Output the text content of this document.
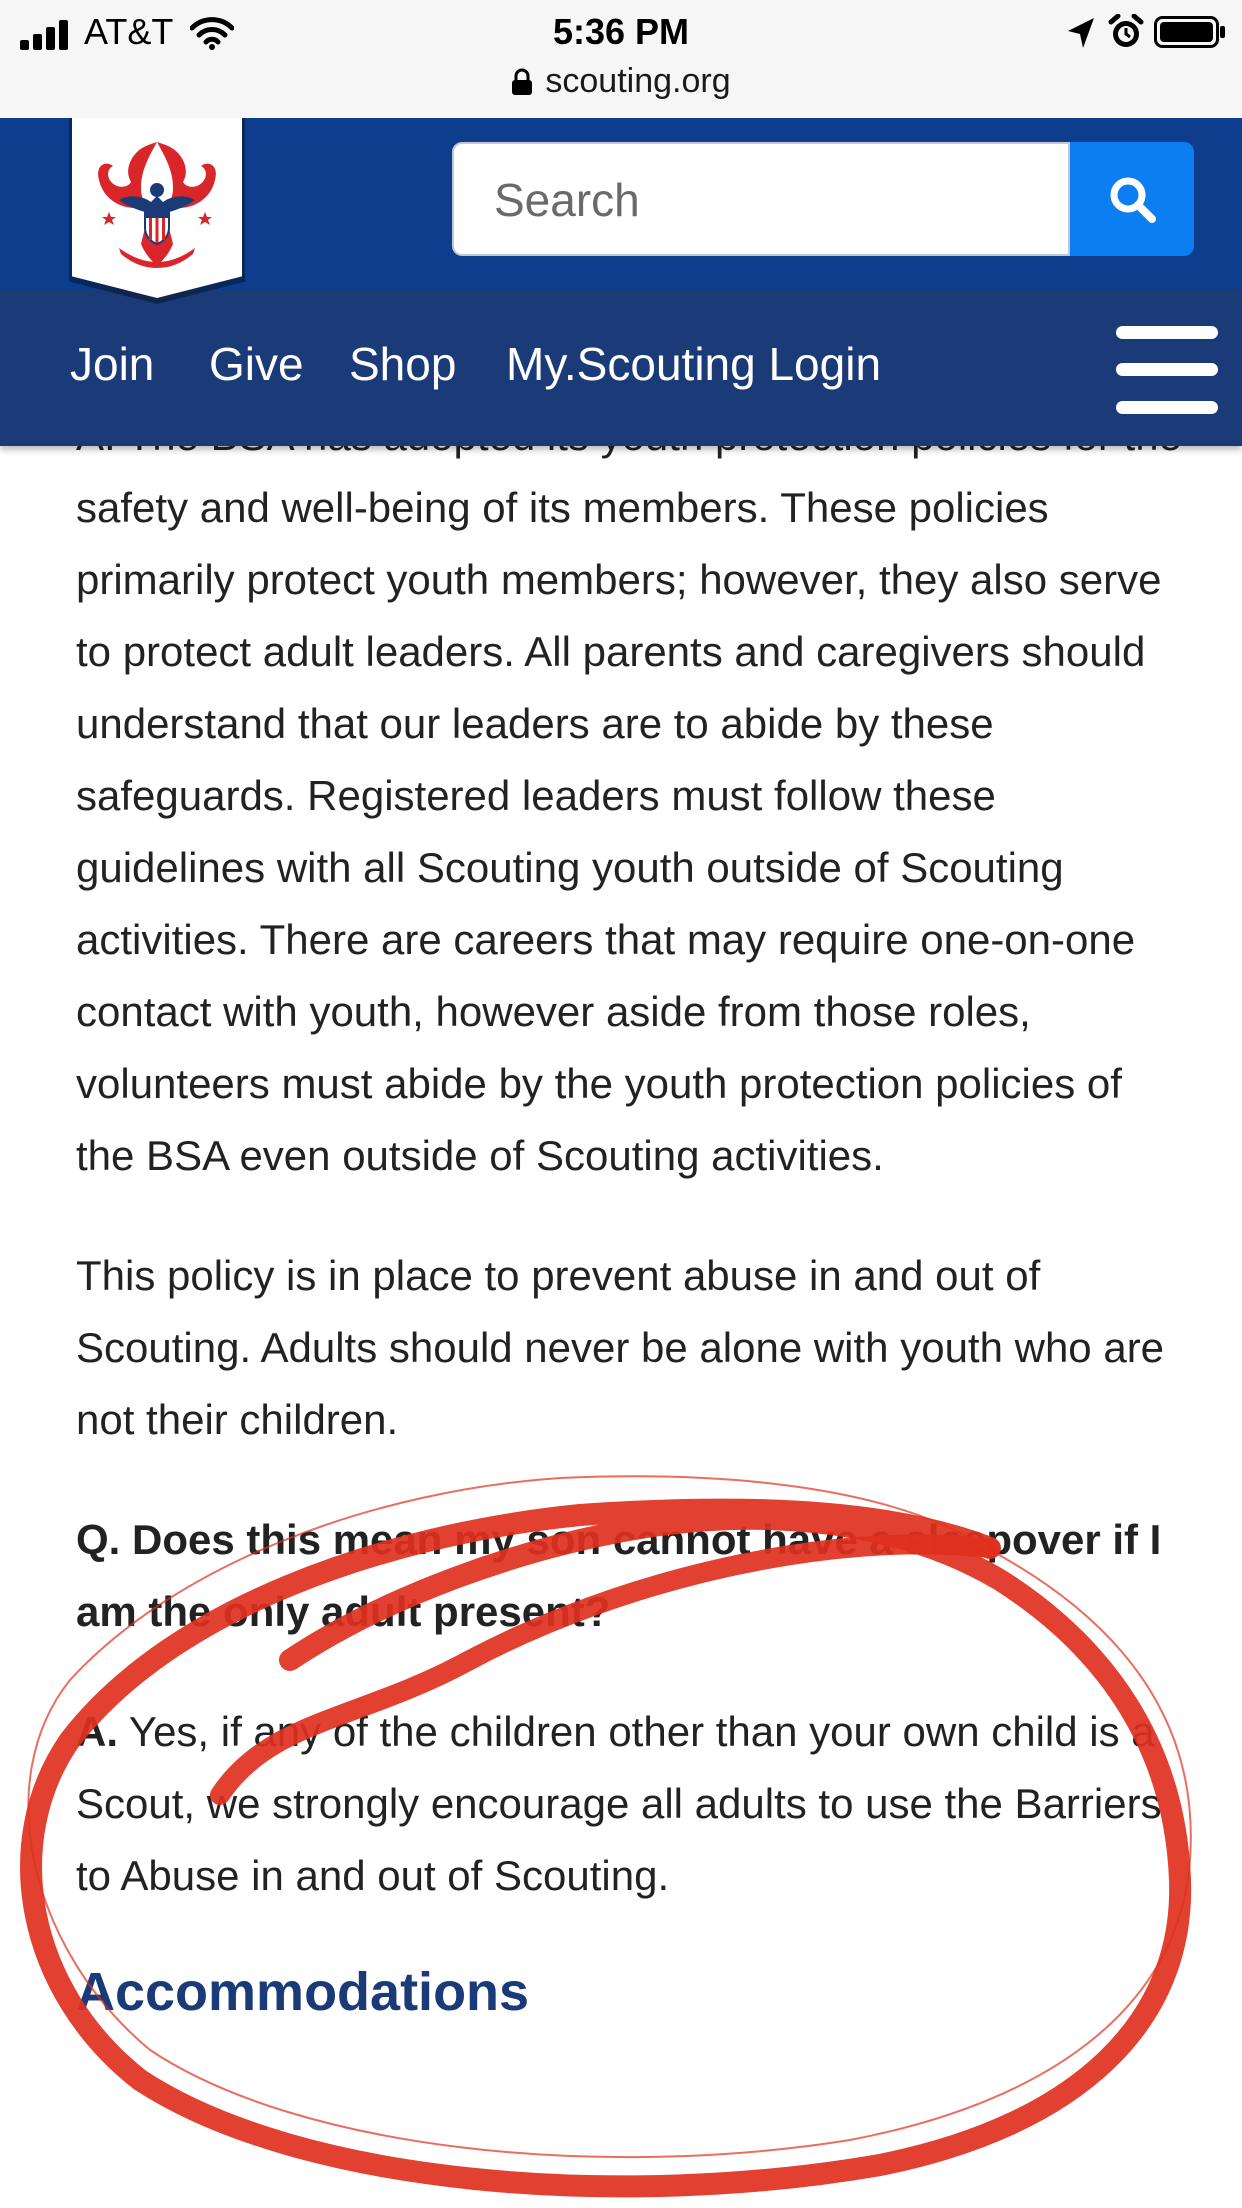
AT&T	5:36 PM
scouting.org
Search
Join Give Shop My.Scouting Login

safety and well-being of its members. These policies primarily protect youth members; however, they also serve to protect adult leaders. All parents and caregivers should understand that our leaders are to abide by these safeguards. Registered leaders must follow these guidelines with all Scouting youth outside of Scouting activities. There are careers that may require one-on-one contact with youth, however aside from those roles, volunteers must abide by the youth protection policies of the BSA even outside of Scouting activities.

This policy is in place to prevent abuse in and out of Scouting. Adults should never be alone with youth who are not their children.

Q. Does this mean my son cannot have a sleepover if I am the only adult present?

A. Yes, if any of the children other than your own child is a Scout, we strongly encourage all adults to use the Barriers to Abuse in and out of Scouting.

Accommodations
